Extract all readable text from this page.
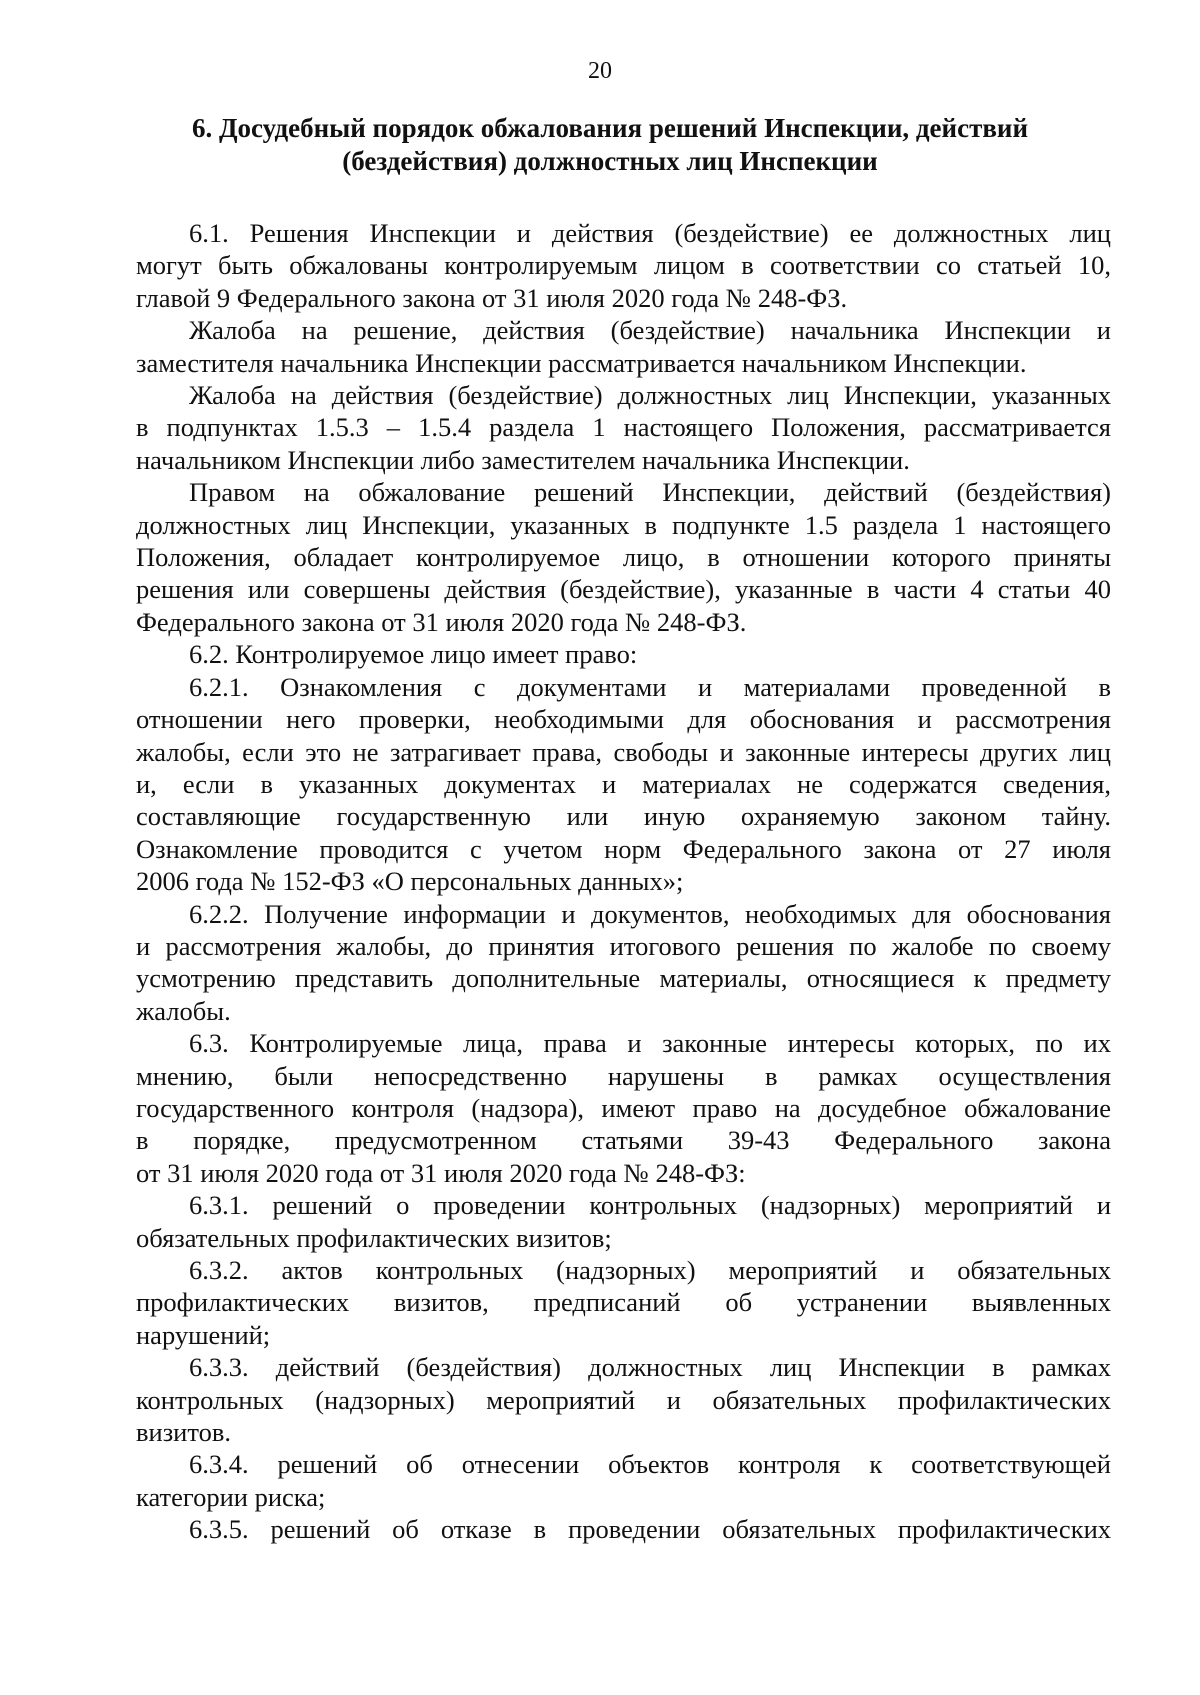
20
6. Досудебный порядок обжалования решений Инспекции, действий
(бездействия) должностных лиц Инспекции

6.1. Решения Инспекции и действия (бездействие) ее должностных лиц
могут быть обжалованы контролируемым лицом в соответствии со статьей 10,
главой 9 Федерального закона от 31 июля 2020 года № 248-ФЗ.

Жалоба на решение, действия (бездействие) начальника Инспекции и
заместителя начальника Инспекции рассматривается начальником Инспекции.

Жалоба на действия (бездействие) должностных лиц Инспекции, указанных
в подпунктах 1.5.3 – 1.5.4 раздела 1 настоящего Положения, рассматривается
начальником Инспекции либо заместителем начальника Инспекции.

Правом на обжалование решений Инспекции, действий (бездействия)
должностных лиц Инспекции, указанных в подпункте 1.5 раздела 1 настоящего
Положения, обладает контролируемое лицо, в отношении которого приняты
решения или совершены действия (бездействие), указанные в части 4 статьи 40
Федерального закона от 31 июля 2020 года № 248-ФЗ.

6.2. Контролируемое лицо имеет право:

6.2.1. Ознакомления с документами и материалами проведенной в
отношении него проверки, необходимыми для обоснования и рассмотрения
жалобы, если это не затрагивает права, свободы и законные интересы других лиц
и, если в указанных документах и материалах не содержатся сведения,
составляющие государственную или иную охраняемую законом тайну.
Ознакомление проводится с учетом норм Федерального закона от 27 июля
2006 года № 152-ФЗ «О персональных данных»;

6.2.2. Получение информации и документов, необходимых для обоснования
и рассмотрения жалобы, до принятия итогового решения по жалобе по своему
усмотрению представить дополнительные материалы, относящиеся к предмету
жалобы.

6.3. Контролируемые лица, права и законные интересы которых, по их
мнению, были непосредственно нарушены в рамках осуществления
государственного контроля (надзора), имеют право на досудебное обжалование
в порядке, предусмотренном статьями 39-43 Федерального закона
от 31 июля 2020 года от 31 июля 2020 года № 248-ФЗ:

6.3.1. решений о проведении контрольных (надзорных) мероприятий и
обязательных профилактических визитов;

6.3.2. актов контрольных (надзорных) мероприятий и обязательных
профилактических визитов, предписаний об устранении выявленных
нарушений;

6.3.3. действий (бездействия) должностных лиц Инспекции в рамках
контрольных (надзорных) мероприятий и обязательных профилактических
визитов.

6.3.4. решений об отнесении объектов контроля к соответствующей
категории риска;

6.3.5. решений об отказе в проведении обязательных профилактических
